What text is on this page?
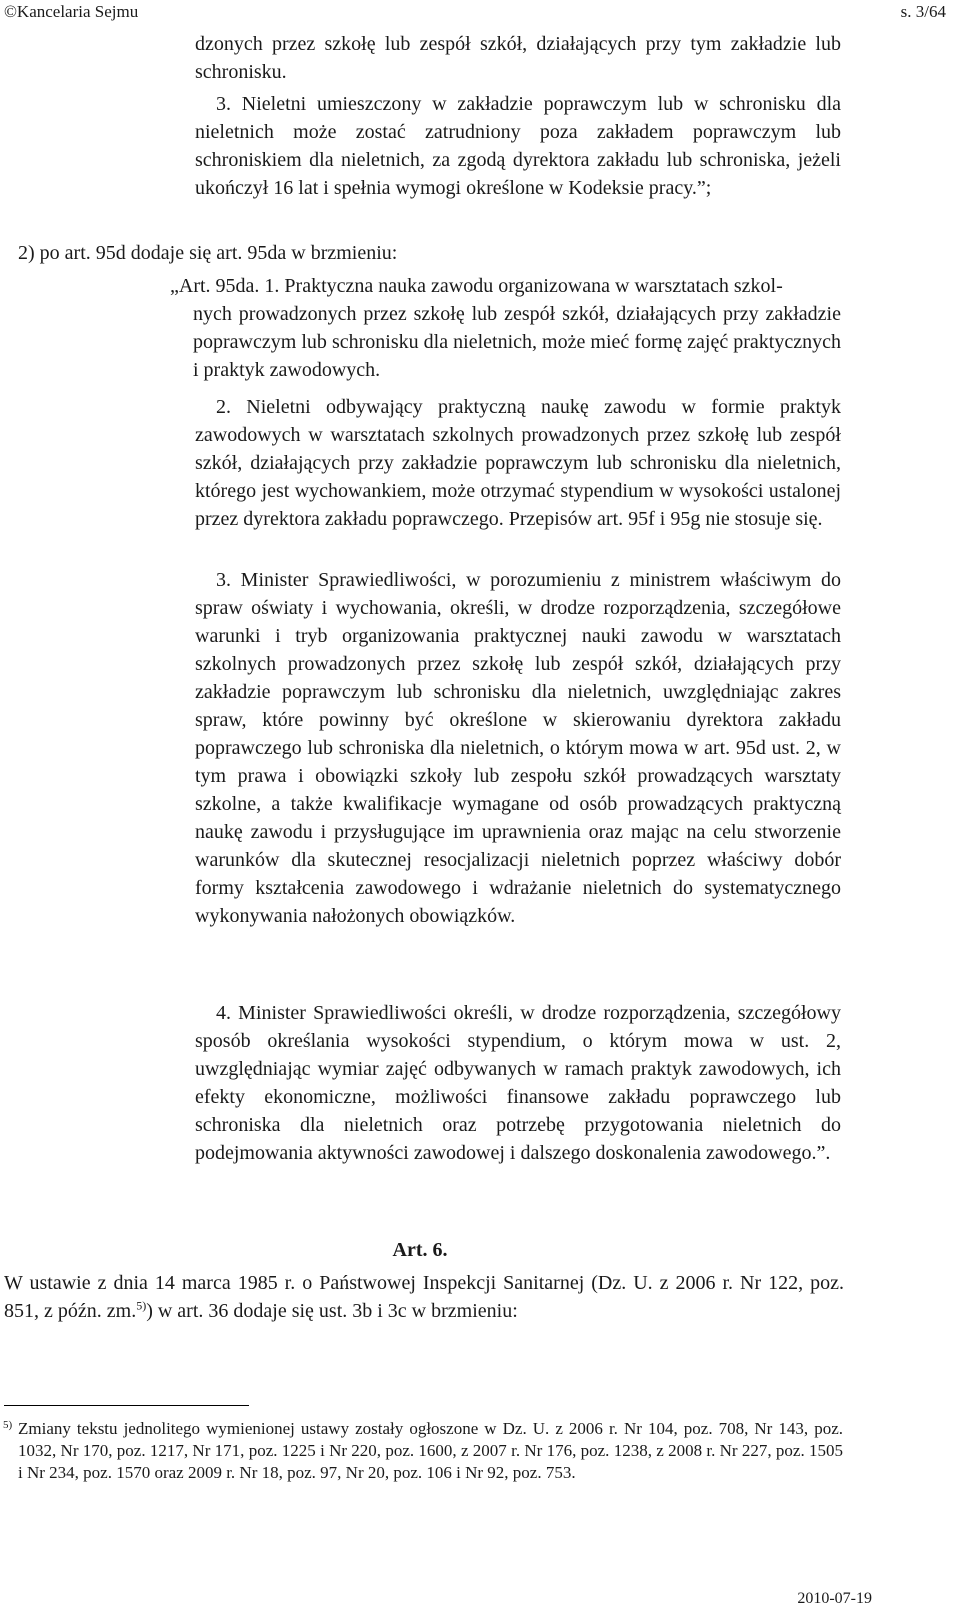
©Kancelaria Sejmu	s. 3/64

dzonych przez szkołę lub zespół szkół, działających przy tym zakładzie lub schronisku.

3. Nieletni umieszczony w zakładzie poprawczym lub w schronisku dla nieletnich może zostać zatrudniony poza zakładem poprawczym lub schroniskiem dla nieletnich, za zgodą dyrektora zakładu lub schroniska, jeżeli ukończył 16 lat i spełnia wymogi określone w Kodeksie pracy.”;

2) po art. 95d dodaje się art. 95da w brzmieniu:

„Art. 95da. 1. Praktyczna nauka zawodu organizowana w warsztatach szkol-
nych prowadzonych przez szkołę lub zespół szkół, działających przy zakładzie poprawczym lub schronisku dla nieletnich, może mieć formę zajęć praktycznych i praktyk zawodowych.

2. Nieletni odbywający praktyczną naukę zawodu w formie praktyk zawodowych w warsztatach szkolnych prowadzonych przez szkołę lub zespół szkół, działających przy zakładzie poprawczym lub schronisku dla nieletnich, którego jest wychowankiem, może otrzymać stypendium w wysokości ustalonej przez dyrektora zakładu poprawczego. Przepisów art. 95f i 95g nie stosuje się.

3. Minister Sprawiedliwości, w porozumieniu z ministrem właściwym do spraw oświaty i wychowania, określi, w drodze rozporządzenia, szczegółowe warunki i tryb organizowania praktycznej nauki zawodu w warsztatach szkolnych prowadzonych przez szkołę lub zespół szkół, działających przy zakładzie poprawczym lub schronisku dla nieletnich, uwzględniając zakres spraw, które powinny być określone w skierowaniu dyrektora zakładu poprawczego lub schroniska dla nieletnich, o którym mowa w art. 95d ust. 2, w tym prawa i obowiązki szkoły lub zespołu szkół prowadzących warsztaty szkolne, a także kwalifikacje wymagane od osób prowadzących praktyczną naukę zawodu i przysługujące im uprawnienia oraz mając na celu stworzenie warunków dla skutecznej resocjalizacji nieletnich poprzez właściwy dobór formy kształcenia zawodowego i wdrażanie nieletnich do systematycznego wykonywania nałożonych obowiązków.

4. Minister Sprawiedliwości określi, w drodze rozporządzenia, szczegółowy sposób określania wysokości stypendium, o którym mowa w ust. 2, uwzględniając wymiar zajęć odbywanych w ramach praktyk zawodowych, ich efekty ekonomiczne, możliwości finansowe zakładu poprawczego lub schroniska dla nieletnich oraz potrzebę przygotowania nieletnich do podejmowania aktywności zawodowej i dalszego doskonalenia zawodowego.”.

Art. 6.

W ustawie z dnia 14 marca 1985 r. o Państwowej Inspekcji Sanitarnej (Dz. U. z 2006 r. Nr 122, poz. 851, z późn. zm.$^{5)}$) w art. 36 dodaje się ust. 3b i 3c w brzmieniu:

5) Zmiany tekstu jednolitego wymienionej ustawy zostały ogłoszone w Dz. U. z 2006 r. Nr 104, poz. 708, Nr 143, poz. 1032, Nr 170, poz. 1217, Nr 171, poz. 1225 i Nr 220, poz. 1600, z 2007 r. Nr 176, poz. 1238, z 2008 r. Nr 227, poz. 1505 i Nr 234, poz. 1570 oraz 2009 r. Nr 18, poz. 97, Nr 20, poz. 106 i Nr 92, poz. 753.
2010-07-19
